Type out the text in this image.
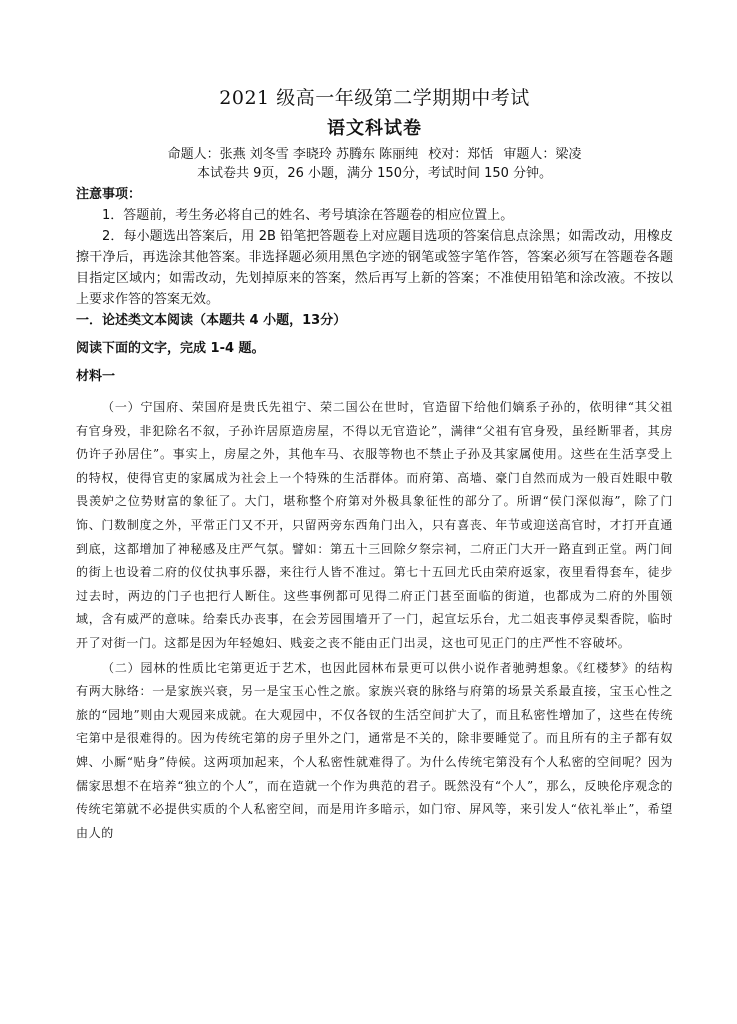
2021 级高一年级第二学期期中考试
语文科试卷
命题人：张燕 刘冬雪 李晓玲 苏腾东 陈丽纯 校对：郑恬 审题人：梁凌
本试卷共 9页，26 小题，满分 150分，考试时间 150 分钟。
注意事项：

1．答题前，考生务必将自己的姓名、考号填涂在答题卷的相应位置上。

2．每小题选出答案后，用 2B 铅笔把答题卷上对应题目选项的答案信息点涂黑；如需改动，用橡皮擦干净后，再选涂其他答案。非选择题必须用黑色字迹的钢笔或签字笔作答，答案必须写在答题卷各题目指定区域内；如需改动，先划掉原来的答案，然后再写上新的答案；不准使用铅笔和涂改液。不按以上要求作答的答案无效。

一．论述类文本阅读（本题共 4 小题，13分）
阅读下面的文字，完成 1-4 题。
材料一

（一）宁国府、荣国府是贵氏先祖宁、荣二国公在世时，官造留下给他们嫡系子孙的，依明律“其父祖有官身殁，非犯除名不叙，子孙许居原造房屋，不得以无官造论”，满律“父祖有官身殁，虽经断罪者，其房仍许子孙居住”。事实上，房屋之外，其他车马、衣服等物也不禁止子孙及其家属使用。这些在生活享受上的特权，使得官吏的家属成为社会上一个特殊的生活群体。而府第、高墙、豪门自然而成为一般百姓眼中敬畏羡妒之位势财富的象征了。大门，堪称整个府第对外极具象征性的部分了。所谓“侯门深似海”，除了门饰、门数制度之外，平常正门又不开，只留两旁东西角门出入，只有喜丧、年节或迎送高官时，才打开直通到底，这都增加了神秘感及庄严气氛。譬如：第五十三回除夕祭宗祠，二府正门大开一路直到正堂。两门间的街上也设着二府的仪仗执事乐器，来往行人皆不准过。第七十五回尤氏由荣府返家，夜里看得套车，徒步过去时，两边的门子也把行人断住。这些事例都可见得二府正门甚至面临的街道，也都成为二府的外围领域，含有威严的意味。给秦氏办丧事，在会芳园围墙开了一门，起宣坛乐台，尤二姐丧事停灵梨香院，临时开了对街一门。这都是因为年轻媳妇、贱妾之丧不能由正门出灵，这也可见正门的庄严性不容破坏。

（二）园林的性质比宅第更近于艺术，也因此园林布景更可以供小说作者驰骋想象。《红楼梦》的结构有两大脉络：一是家族兴衰，另一是宝玉心性之旅。家族兴衰的脉络与府第的场景关系最直接，宝玉心性之旅的“园地”则由大观园来成就。在大观园中，不仅各钗的生活空间扩大了，而且私密性增加了，这些在传统宅第中是很难得的。因为传统宅第的房子里外之门，通常是不关的，除非要睡觉了。而且所有的主子都有奴婢、小厮“贴身”侍候。这两项加起来，个人私密性就难得了。为什么传统宅第没有个人私密的空间呢？因为儒家思想不在培养“独立的个人”，而在造就一个作为典范的君子。既然没有“个人”，那么，反映伦序观念的传统宅第就不必提供实质的个人私密空间，而是用许多暗示，如门帘、屏风等，来引发人“依礼举止”，希望由人的
